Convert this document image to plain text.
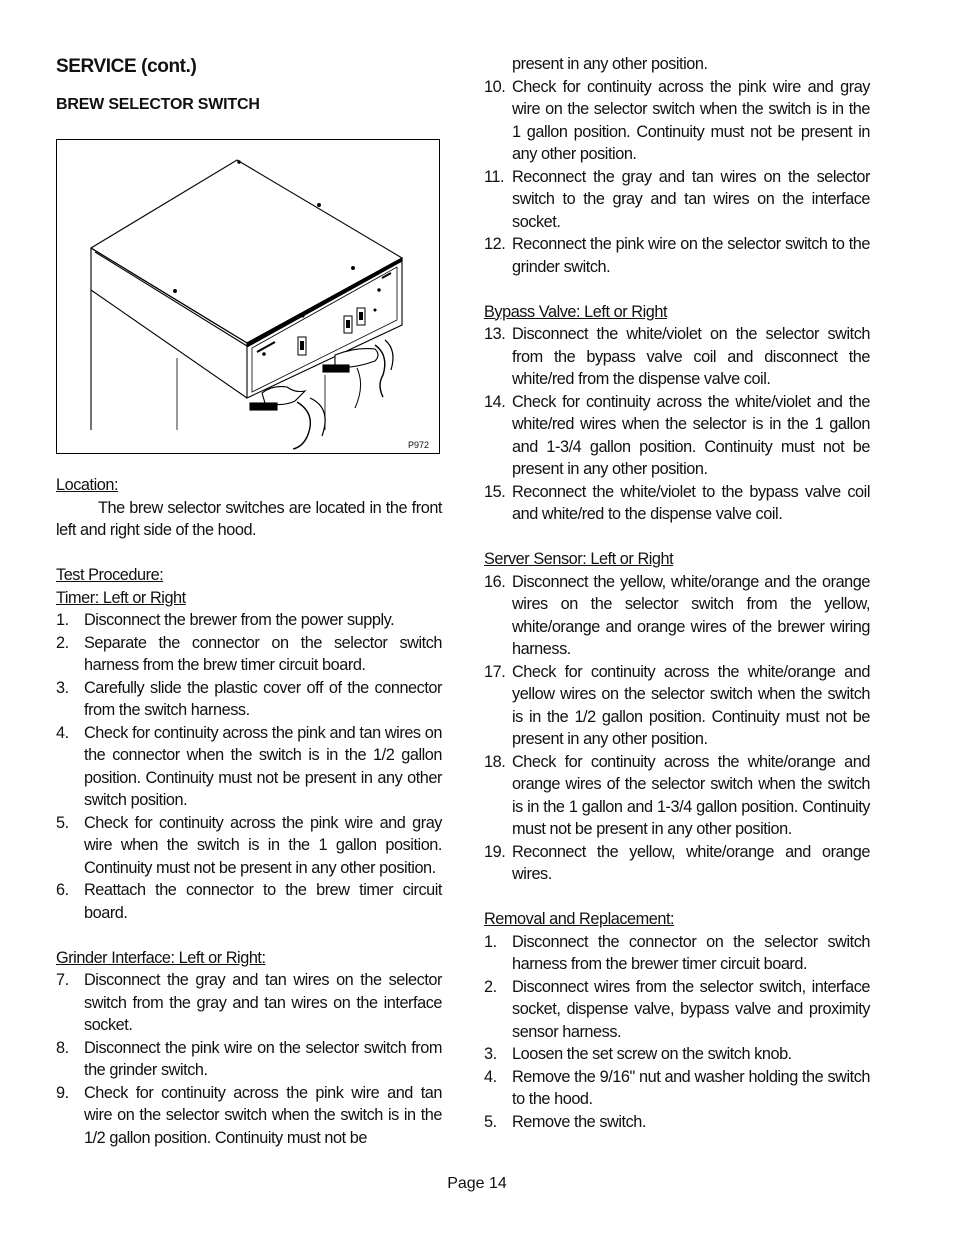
SERVICE (cont.)
BREW SELECTOR SWITCH
P972
Location:
The brew selector switches are located in the front left and right side of the hood.
Test Procedure:
Timer: Left or Right
1. Disconnect the brewer from the power supply.
2. Separate the connector on the selector switch harness from the brew timer circuit board.
3. Carefully slide the plastic cover off of the connector from the switch harness.
4. Check for continuity across the pink and tan wires on the connector when the switch is in the 1/2 gallon position. Continuity must not be present in any other switch position.
5. Check for continuity across the pink wire and gray wire when the switch is in the 1 gallon position. Continuity must not be present in any other position.
6. Reattach the connector to the brew timer circuit board.
Grinder Interface: Left or Right:
7. Disconnect the gray and tan wires on the selector switch from the gray and tan wires on the interface socket.
8. Disconnect the pink wire on the selector switch from the grinder switch.
9. Check for continuity across the pink wire and tan wire on the selector switch when the switch is in the 1/2 gallon position. Continuity must not be
present in any other position.
10. Check for continuity across the pink wire and gray wire on the selector switch when the switch is in the 1 gallon position. Continuity must not be present in any other position.
11. Reconnect the gray and tan wires on the selector switch to the gray and tan wires on the interface socket.
12. Reconnect the pink wire on the selector switch to the grinder switch.
Bypass Valve: Left or Right
13. Disconnect the white/violet on the selector switch from the bypass valve coil and disconnect the white/red from the dispense valve coil.
14. Check for continuity across the white/violet and the white/red wires when the selector is in the 1 gallon and 1-3/4 gallon position. Continuity must not be present in any other position.
15. Reconnect the white/violet to the bypass valve coil and white/red to the dispense valve coil.
Server Sensor: Left or Right
16. Disconnect the yellow, white/orange and the orange wires on the selector switch from the yellow, white/orange and orange wires of the brewer wiring harness.
17. Check for continuity across the white/orange and yellow wires on the selector switch when the switch is in the 1/2 gallon position. Continuity must not be present in any other position.
18. Check for continuity across the white/orange and orange wires of the selector switch when the switch is in the 1 gallon and 1-3/4 gallon position. Continuity must not be present in any other position.
19. Reconnect the yellow, white/orange and orange wires.
Removal and Replacement:
1. Disconnect the connector on the selector switch harness from the brewer timer circuit board.
2. Disconnect wires from the selector switch, interface socket, dispense valve, bypass valve and proximity sensor harness.
3. Loosen the set screw on the switch knob.
4. Remove the 9/16" nut and washer holding the switch to the hood.
5. Remove the switch.
Page 14
